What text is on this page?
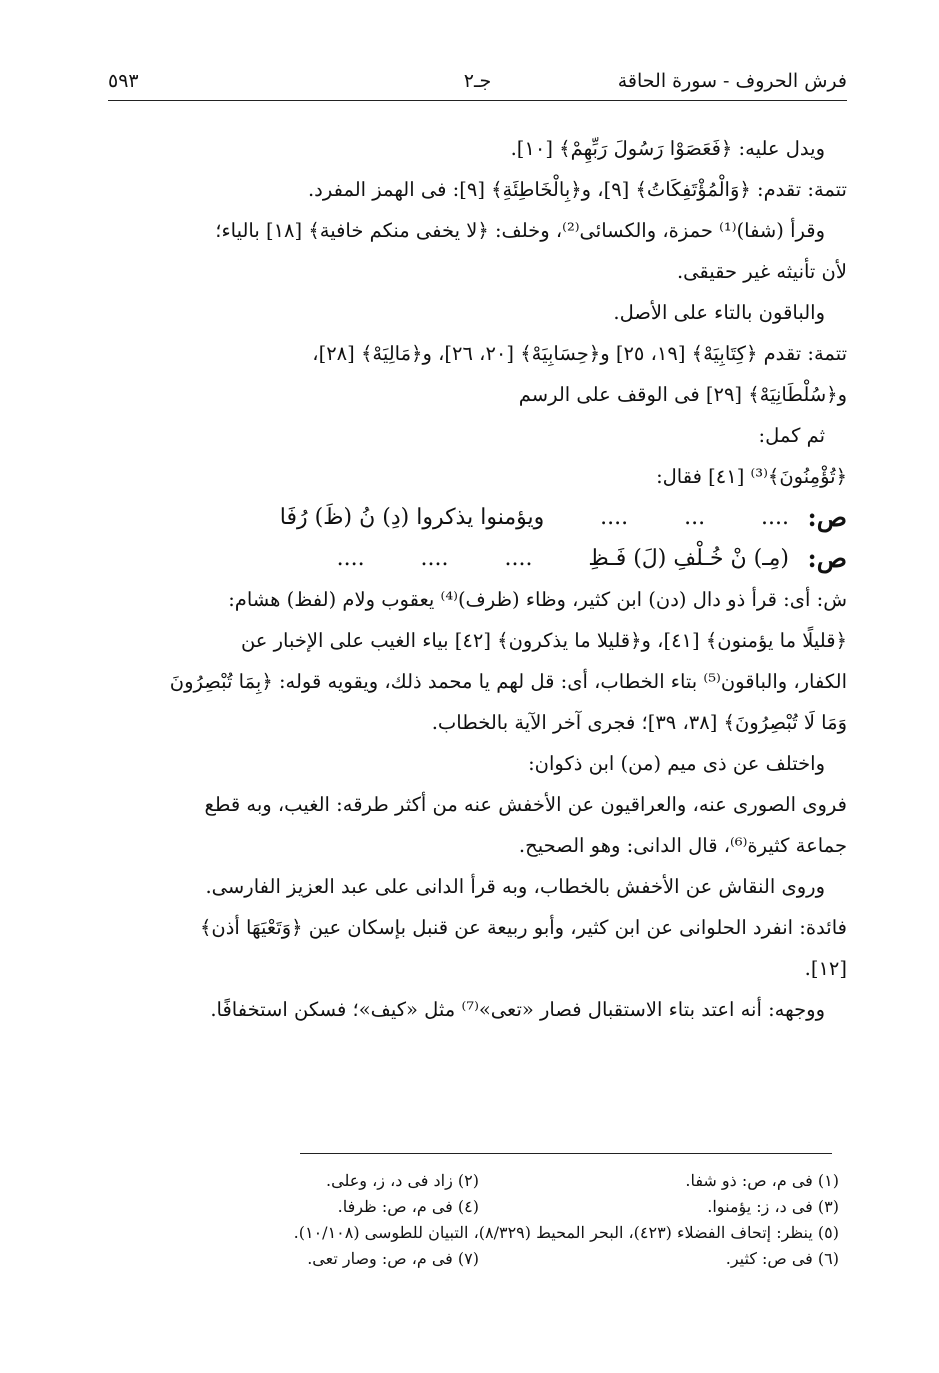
فرش الحروف - سورة الحاقة
جـ٢
٥٩٣
ويدل عليه: ﴿فَعَصَوْا رَسُولَ رَبِّهِمْ﴾ [١٠].
تتمة: تقدم: ﴿وَالْمُؤْتَفِكَاتُ﴾ [٩]، و﴿بِالْخَاطِئَةِ﴾ [٩]: فى الهمز المفرد.
وقرأ (شفا)⁽¹⁾ حمزة، والكسائى⁽²⁾، وخلف: ﴿لا يخفى منكم خافية﴾ [١٨] بالياء؛
لأن تأنيثه غير حقيقى.
والباقون بالتاء على الأصل.
تتمة: تقدم ﴿كِتَابِيَهْ﴾ [١٩، ٢٥] و﴿حِسَابِيَهْ﴾ [٢٠، ٢٦]، و﴿مَالِيَهْ﴾ [٢٨]،
و﴿سُلْطَانِيَهْ﴾ [٢٩] فى الوقف على الرسم
ثم كمل:
﴿تُؤْمِنُونَ﴾⁽³⁾ [٤١] فقال:
ص:
....        ...        ....        ويؤمنوا يذكروا (دِ) نُ (ظَ) رُفَا
ص:
(مِـ) نْ خُـلْفِ (لَ) فَـظِ        ....        ....        ....
ش: أى: قرأ ذو دال (دن) ابن كثير، وظاء (ظرف)⁽⁴⁾ يعقوب ولام (لفظ) هشام:
﴿قليلًا ما يؤمنون﴾ [٤١]، و﴿قليلا ما يذكرون﴾ [٤٢] بياء الغيب على الإخبار عن
الكفار، والباقون⁽⁵⁾ بتاء الخطاب، أى: قل لهم يا محمد ذلك، ويقويه قوله: ﴿بِمَا تُبْصِرُونَ
وَمَا لَا تُبْصِرُونَ﴾ [٣٨، ٣٩]؛ فجرى آخر الآية بالخطاب.
واختلف عن ذى ميم (من) ابن ذكوان:
فروى الصورى عنه، والعراقيون عن الأخفش عنه من أكثر طرقه: الغيب، وبه قطع
جماعة كثيرة⁽⁶⁾، قال الدانى: وهو الصحيح.
وروى النقاش عن الأخفش بالخطاب، وبه قرأ الدانى على عبد العزيز الفارسى.
فائدة: انفرد الحلوانى عن ابن كثير، وأبو ربيعة عن قنبل بإسكان عين ﴿وَتَعْيَهَا أذن﴾
[١٢].
ووجهه: أنه اعتد بتاء الاستقبال فصار «تعى»⁽⁷⁾ مثل «كيف»؛ فسكن استخفافًا.
(١) فى م، ص: ذو شفا.
(٢) زاد فى د، ز، وعلى.
(٣) فى د، ز: يؤمنوا.
(٤) فى م، ص: ظرفا.
(٥) ينظر: إتحاف الفضلاء (٤٢٣)، البحر المحيط (٨/٣٢٩)، التبيان للطوسى (١٠/١٠٨).
(٦) فى ص: كثير.
(٧) فى م، ص: وصار تعى.
